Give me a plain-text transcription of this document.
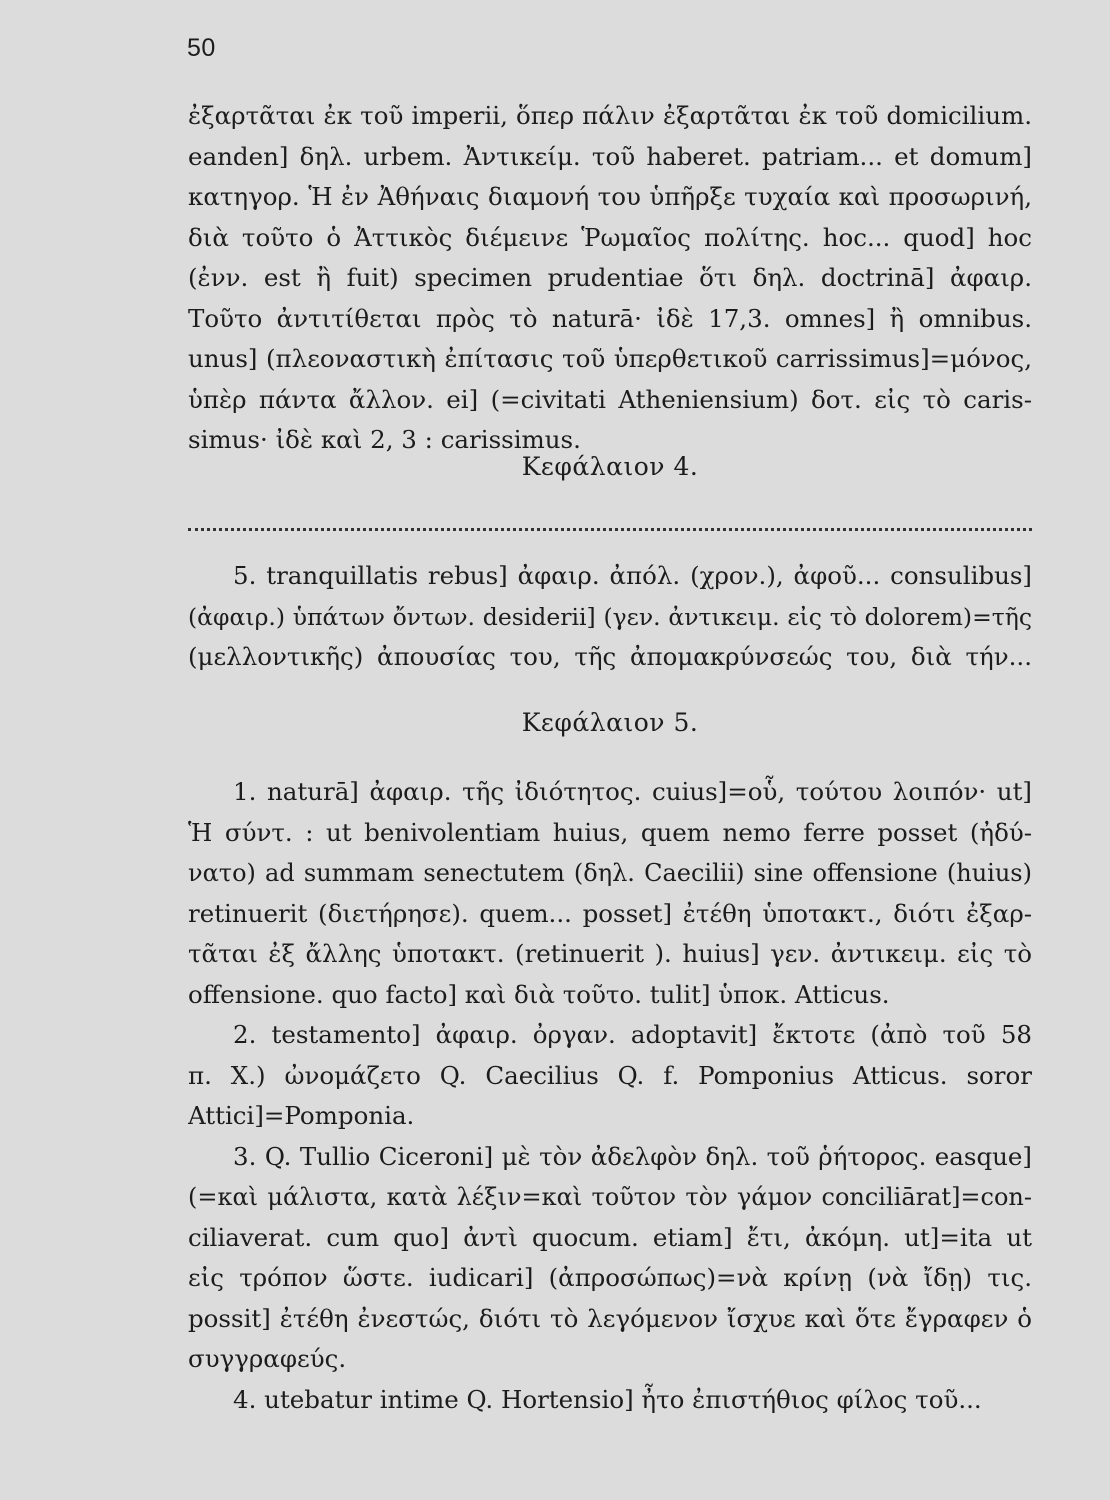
50
ἐξαρτᾶται ἐκ τοῦ imperii, ὅπερ πάλιν ἐξαρτᾶται ἐκ τοῦ domicilium.
eanden] δηλ. urbem. Ἀντικείμ. τοῦ haberet. patriam... et domum]
κατηγορ. Ἡ ἐν Ἀθήναις διαμονή του ὑπῆρξε τυχαία καὶ προσωρινή,
διὰ τοῦτο ὁ Ἀττικὸς διέμεινε Ῥωμαῖος πολίτης. hoc... quod] hoc
(ἐνν. est ἢ fuit) specimen prudentiae ὅτι δηλ. doctrinā] ἀφαιρ.
Τοῦτο ἀντιτίθεται πρὸς τὸ naturā· ἰδὲ 17,3. omnes] ἢ omnibus.
unus] (πλεοναστικὴ ἐπίτασις τοῦ ὑπερθετικοῦ carrissimus]=μόνος,
ὑπὲρ πάντα ἄλλον. ei] (=civitati Atheniensium) δοτ. εἰς τὸ caris-
simus· ἰδὲ καὶ 2, 3 : carissimus.
Κεφάλαιον 4.
5. tranquillatis rebus] ἀφαιρ. ἀπόλ. (χρον.), ἀφοῦ... consulibus]
(ἀφαιρ.) ὑπάτων ὄντων. desiderii] (γεν. ἀντικειμ. εἰς τὸ dolorem)=τῆς
(μελλοντικῆς) ἀπουσίας του, τῆς ἀπομακρύνσεώς του, διὰ τήν...
Κεφάλαιον 5.
1. naturā] ἀφαιρ. τῆς ἰδιότητος. cuius]=οὗ, τούτου λοιπόν· ut]
Ἡ σύντ. : ut benivolentiam huius, quem nemo ferre posset (ἠδύ-
νατο) ad summam senectutem (δηλ. Caecilii) sine offensione (huius)
retinuerit (διετήρησε). quem... posset] ἐτέθη ὑποτακτ., διότι ἐξαρ-
τᾶται ἐξ ἄλλης ὑποτακτ. (retinuerit ). huius] γεν. ἀντικειμ. εἰς τὸ
offensione. quo facto] καὶ διὰ τοῦτο. tulit] ὑποκ. Atticus.
2. testamento] ἀφαιρ. ὀργαν. adoptavit] ἔκτοτε (ἀπὸ τοῦ 58
π. X.) ὠνομάζετο Q. Caecilius Q. f. Pomponius Atticus. soror
Attici]=Pomponia.
3. Q. Tullio Ciceroni] μὲ τὸν ἀδελφὸν δηλ. τοῦ ῥήτορος. easque]
(=καὶ μάλιστα, κατὰ λέξιν=καὶ τοῦτον τὸν γάμον conciliārat]=con-
ciliaverat. cum quo] ἀντὶ quocum. etiam] ἔτι, ἀκόμη. ut]=ita ut
εἰς τρόπον ὥστε. iudicari] (ἀπροσώπως)=νὰ κρίνῃ (νὰ ἴδῃ) τις.
possit] ἐτέθη ἐνεστώς, διότι τὸ λεγόμενον ἴσχυε καὶ ὅτε ἔγραφεν ὁ
συγγραφεύς.
4. utebatur intime Q. Hortensio] ἦτο ἐπιστήθιος φίλος τοῦ...
